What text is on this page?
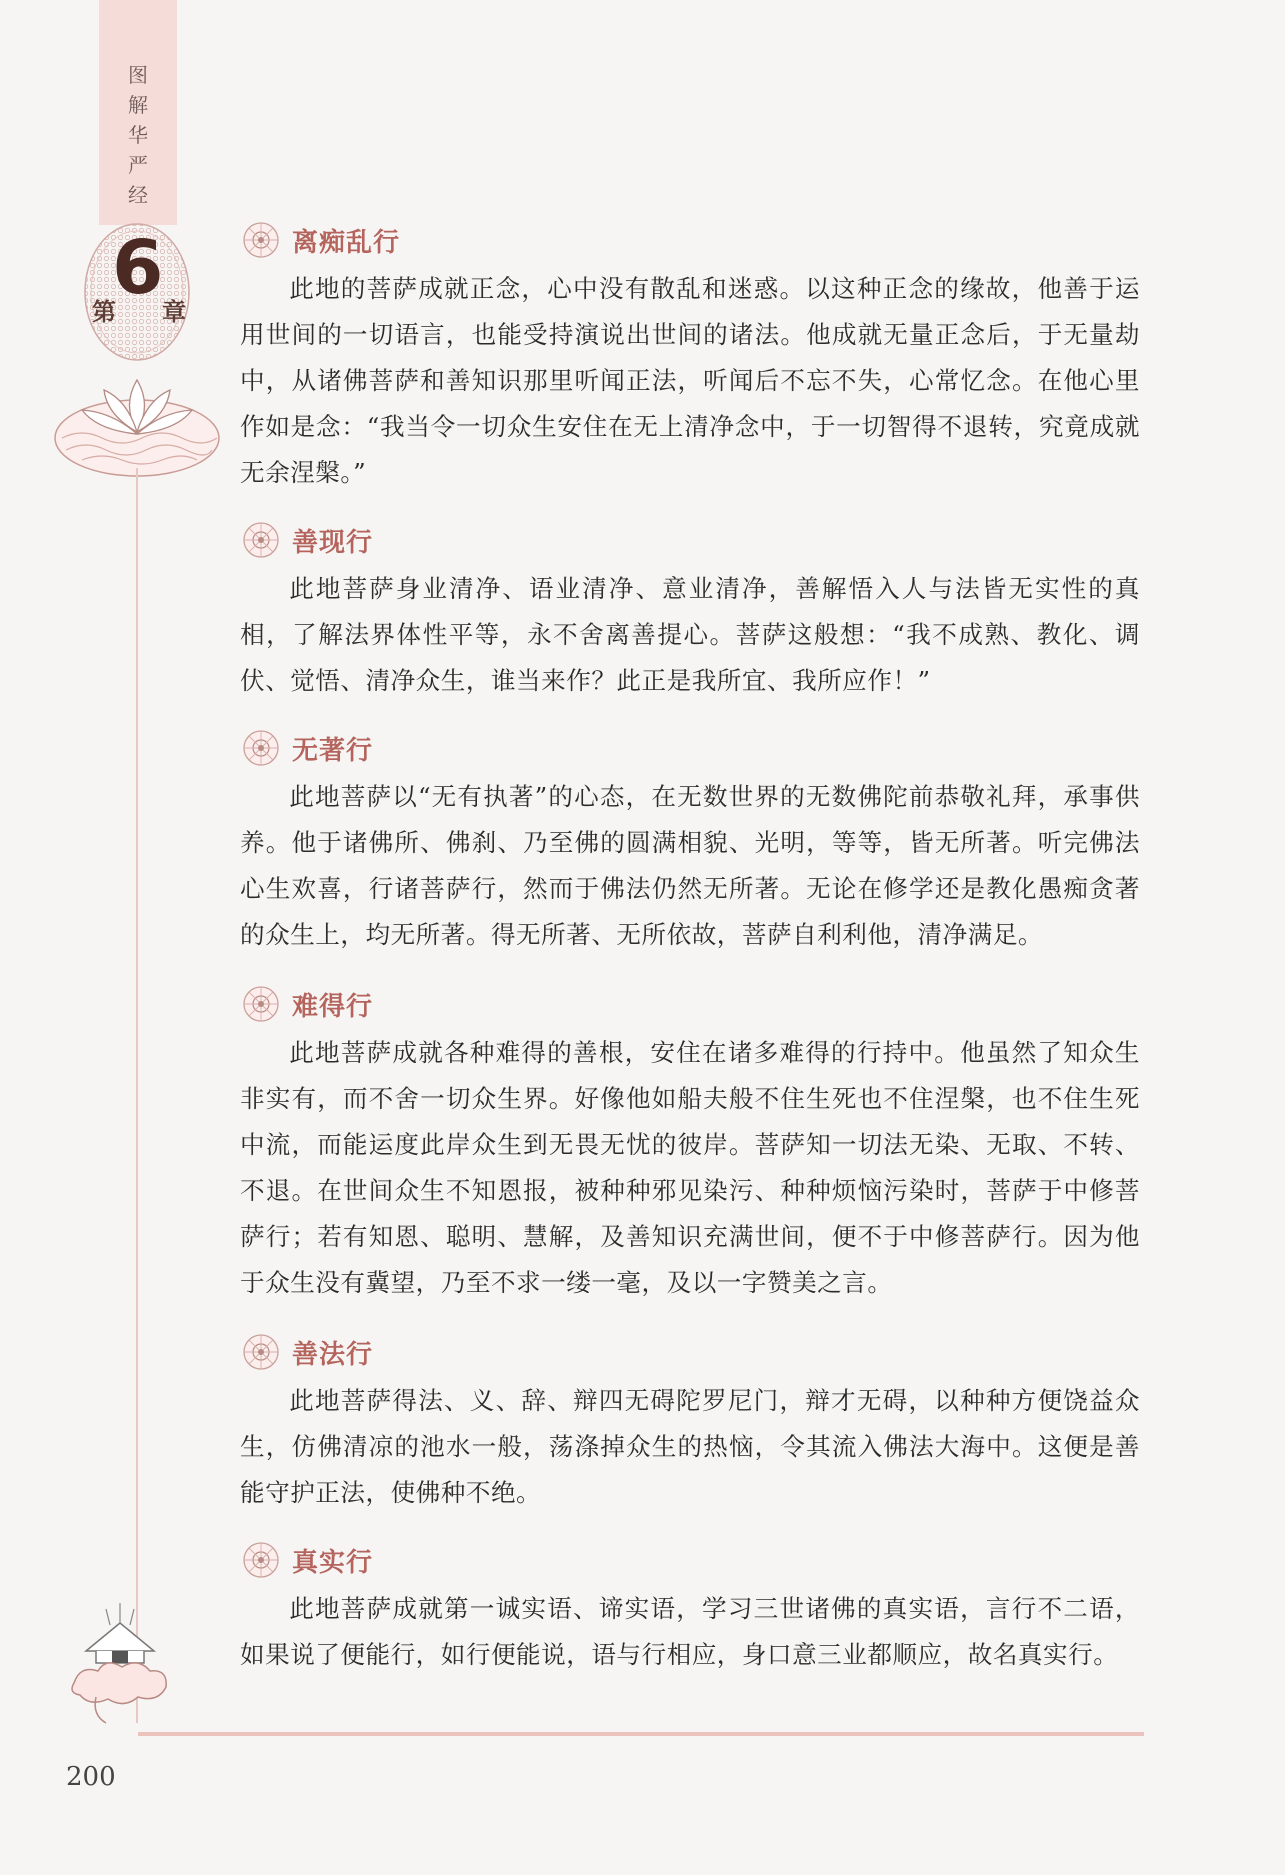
图
解
华
严
经
第
6
章
200
离痴乱行

此地的菩萨成就正念，心中没有散乱和迷惑。以这种正念的缘故，他善于运用世间的一切语言，也能受持演说出世间的诸法。他成就无量正念后，于无量劫中，从诸佛菩萨和善知识那里听闻正法，听闻后不忘不失，心常忆念。在他心里作如是念：“我当令一切众生安住在无上清净念中，于一切智得不退转，究竟成就无余涅槃。”

善现行

此地菩萨身业清净、语业清净、意业清净，善解悟入人与法皆无实性的真相，了解法界体性平等，永不舍离善提心。菩萨这般想：“我不成熟、教化、调伏、觉悟、清净众生，谁当来作？此正是我所宜、我所应作！”

无著行

此地菩萨以“无有执著”的心态，在无数世界的无数佛陀前恭敬礼拜，承事供养。他于诸佛所、佛刹、乃至佛的圆满相貌、光明，等等，皆无所著。听完佛法心生欢喜，行诸菩萨行，然而于佛法仍然无所著。无论在修学还是教化愚痴贪著的众生上，均无所著。得无所著、无所依故，菩萨自利利他，清净满足。

难得行

此地菩萨成就各种难得的善根，安住在诸多难得的行持中。他虽然了知众生非实有，而不舍一切众生界。好像他如船夫般不住生死也不住涅槃，也不住生死中流，而能运度此岸众生到无畏无忧的彼岸。菩萨知一切法无染、无取、不转、不退。在世间众生不知恩报，被种种邪见染污、种种烦恼污染时，菩萨于中修菩萨行；若有知恩、聪明、慧解，及善知识充满世间，便不于中修菩萨行。因为他于众生没有冀望，乃至不求一缕一毫，及以一字赞美之言。

善法行

此地菩萨得法、义、辞、辩四无碍陀罗尼门，辩才无碍，以种种方便饶益众生，仿佛清凉的池水一般，荡涤掉众生的热恼，令其流入佛法大海中。这便是善能守护正法，使佛种不绝。

真实行

此地菩萨成就第一诚实语、谛实语，学习三世诸佛的真实语，言行不二语，如果说了便能行，如行便能说，语与行相应，身口意三业都顺应，故名真实行。
